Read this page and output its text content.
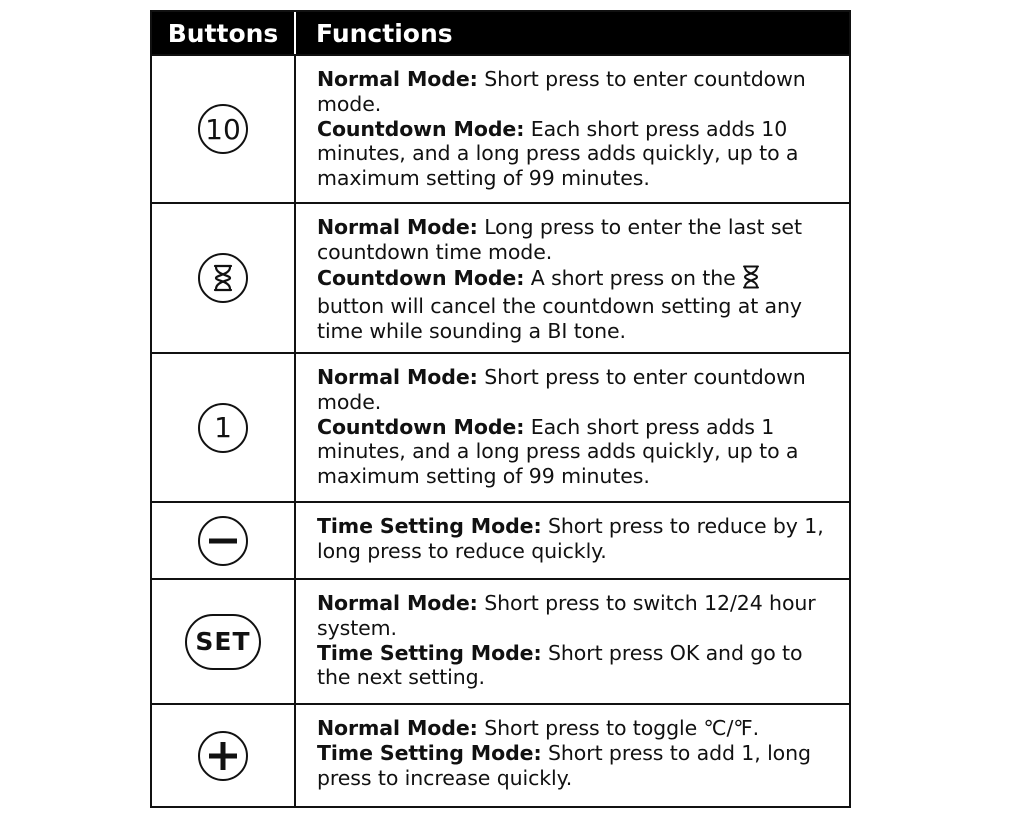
Buttons	Functions
10
Normal Mode: Short press to enter countdown mode.
Countdown Mode: Each short press adds 10 minutes, and a long press adds quickly, up to a maximum setting of 99 minutes.
Normal Mode: Long press to enter the last set countdown time mode.
Countdown Mode: A short press on the
button will cancel the countdown setting at any time while sounding a BI tone.
1
Normal Mode: Short press to enter countdown mode.
Countdown Mode: Each short press adds 1 minutes, and a long press adds quickly, up to a maximum setting of 99 minutes.
Time Setting Mode: Short press to reduce by 1, long press to reduce quickly.
SET
Normal Mode: Short press to switch 12/24 hour system.
Time Setting Mode: Short press OK and go to the next setting.
Normal Mode: Short press to toggle ℃/℉.
Time Setting Mode: Short press to add 1, long press to increase quickly.
